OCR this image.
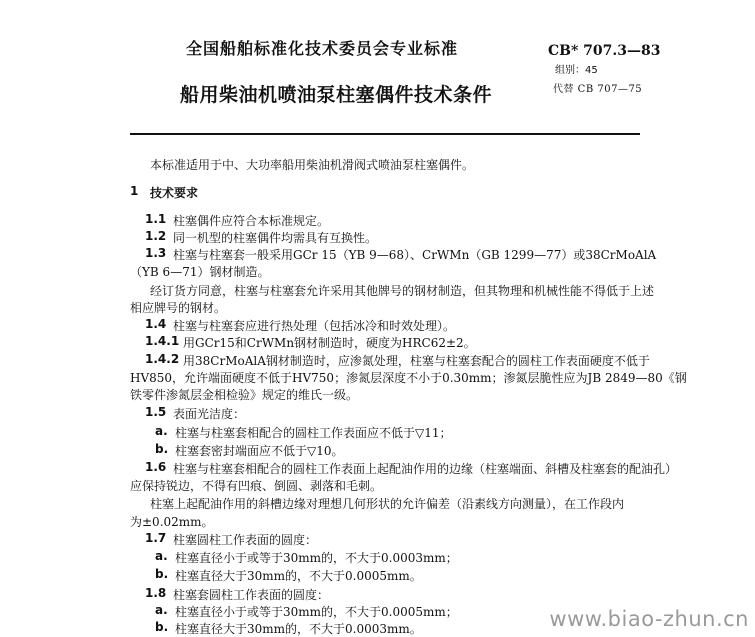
全国船舶标准化技术委员会专业标准	CB* 707.3—83
组别：45
船用柴油机喷油泵柱塞偶件技术条件	代替 CB 707—75
本标准适用于中、大功率船用柴油机滑阀式喷油泵柱塞偶件。
1 技术要求
1.1 柱塞偶件应符合本标准规定。
1.2 同一机型的柱塞偶件均需具有互换性。
1.3 柱塞与柱塞套一般采用GCr 15（YB 9—68）、CrWMn（GB 1299—77）或38CrMoAlA
（YB 6—71）钢材制造。
经订货方同意，柱塞与柱塞套允许采用其他牌号的钢材制造，但其物理和机械性能不得低于上述
相应牌号的钢材。
1.4 柱塞与柱塞套应进行热处理（包括冰冷和时效处理）。
1.4.1 用GCr15和CrWMn钢材制造时，硬度为HRC62±2。
1.4.2 用38CrMoAlA钢材制造时，应渗氮处理，柱塞与柱塞套配合的圆柱工作表面硬度不低于
HV850，允许端面硬度不低于HV750；渗氮层深度不小于0.30mm；渗氮层脆性应为JB 2849—80《钢
铁零件渗氮层金相检验》规定的维氏一级。
1.5 表面光洁度：
a. 柱塞与柱塞套相配合的圆柱工作表面应不低于▽11；
b. 柱塞套密封端面应不低于▽10。
1.6 柱塞与柱塞套相配合的圆柱工作表面上起配油作用的边缘（柱塞端面、斜槽及柱塞套的配油孔）
应保持锐边，不得有凹痕、倒圆、剥落和毛刺。
柱塞上起配油作用的斜槽边缘对理想几何形状的允许偏差（沿素线方向测量），在工作段内
为±0.02mm。
1.7 柱塞圆柱工作表面的圆度：
a. 柱塞直径小于或等于30mm的，不大于0.0003mm；
b. 柱塞直径大于30mm的，不大于0.0005mm。
1.8 柱塞套圆柱工作表面的圆度：
a. 柱塞直径小于或等于30mm的，不大于0.0005mm；
b. 柱塞直径大于30mm的，不大于0.0003mm。	www.biao-zhun.cn
